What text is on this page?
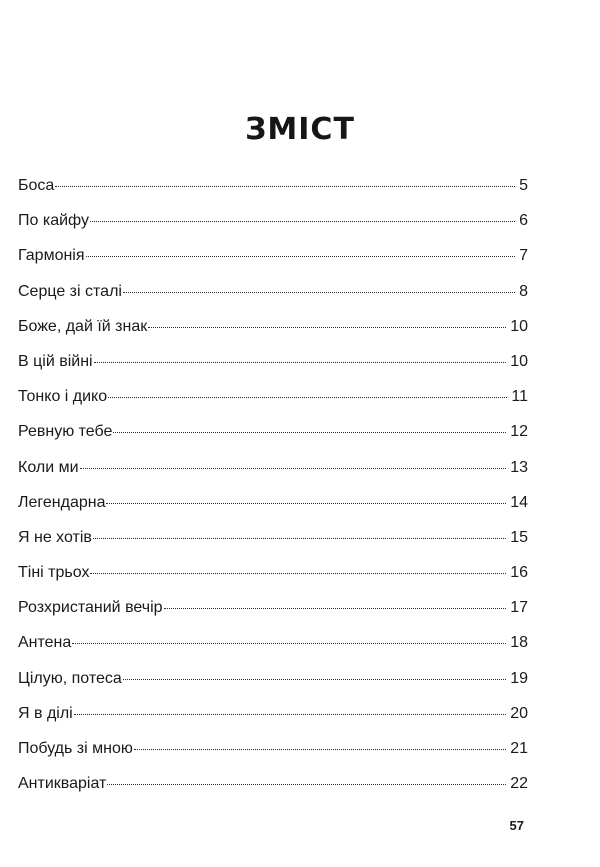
ЗМІСТ
Боса	5
По кайфу	6
Гармонія	7
Серце зі сталі	8
Боже, дай їй знак	10
В цій війні	10
Тонко і дико	11
Ревную тебе	12
Коли ми	13
Легендарна	14
Я не хотів	15
Тіні трьох	16
Розхристаний вечір	17
Антена	18
Цілую, потеса	19
Я в ділі	20
Побудь зі мною	21
Антикваріат	22
57
